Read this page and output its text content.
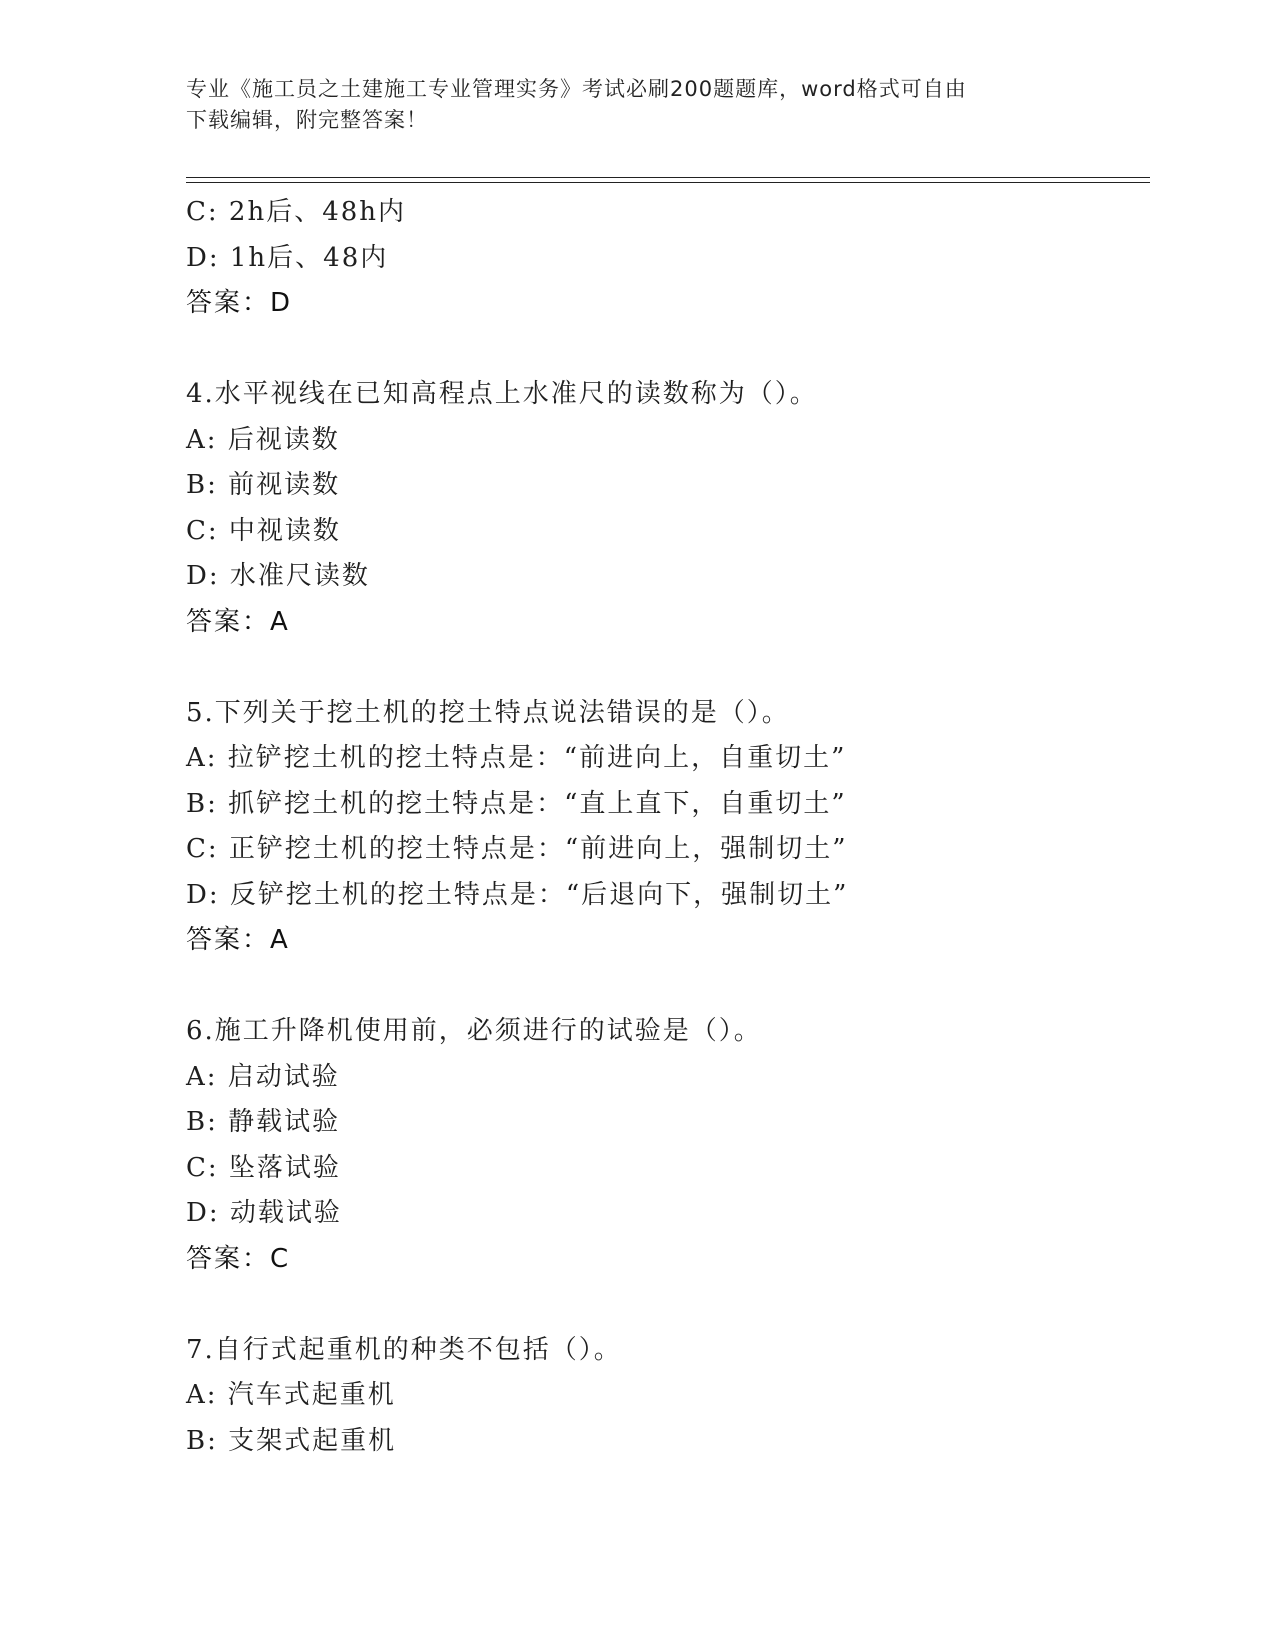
专业《施工员之土建施工专业管理实务》考试必刷200题题库，word格式可自由
下载编辑，附完整答案！
C: 2h后、48h内
D: 1h后、48内
答案：D
4.水平视线在已知高程点上水准尺的读数称为（）。
A: 后视读数
B: 前视读数
C: 中视读数
D: 水准尺读数
答案：A
5.下列关于挖土机的挖土特点说法错误的是（）。
A: 拉铲挖土机的挖土特点是：“前进向上，自重切土”
B: 抓铲挖土机的挖土特点是：“直上直下，自重切土”
C: 正铲挖土机的挖土特点是：“前进向上，强制切土”
D: 反铲挖土机的挖土特点是：“后退向下，强制切土”
答案：A
6.施工升降机使用前，必须进行的试验是（）。
A: 启动试验
B: 静载试验
C: 坠落试验
D: 动载试验
答案：C
7.自行式起重机的种类不包括（）。
A: 汽车式起重机
B: 支架式起重机
